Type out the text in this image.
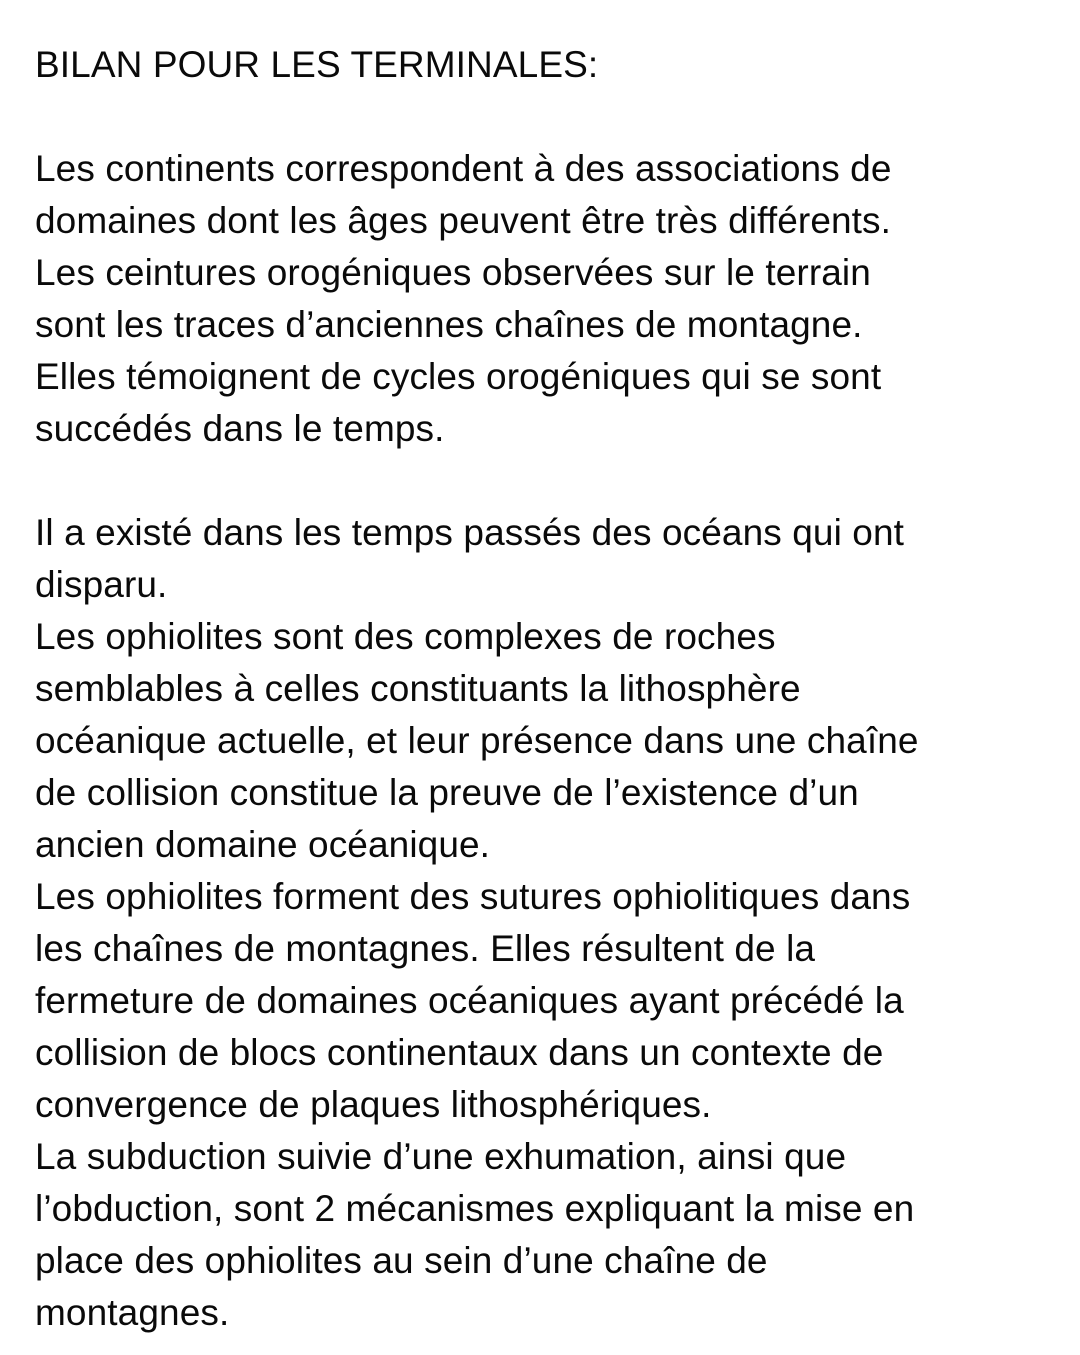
BILAN POUR LES TERMINALES:
Les continents correspondent à des associations de
domaines dont les âges peuvent être très différents.
Les ceintures orogéniques observées sur le terrain
sont les traces d’anciennes chaînes de montagne.
Elles témoignent de cycles orogéniques qui se sont
succédés dans le temps.
Il a existé dans les temps passés des océans qui ont
disparu.
Les ophiolites sont des complexes de roches
semblables à celles constituants la lithosphère
océanique actuelle, et leur présence dans une chaîne
de collision constitue la preuve de l’existence d’un
ancien domaine océanique.
Les ophiolites forment des sutures ophiolitiques dans
les chaînes de montagnes. Elles résultent de la
fermeture de domaines océaniques ayant précédé la
collision de blocs continentaux dans un contexte de
convergence de plaques lithosphériques.
La subduction suivie d’une exhumation, ainsi que
l’obduction, sont 2 mécanismes expliquant la mise en
place des ophiolites au sein d’une chaîne de
montagnes.
